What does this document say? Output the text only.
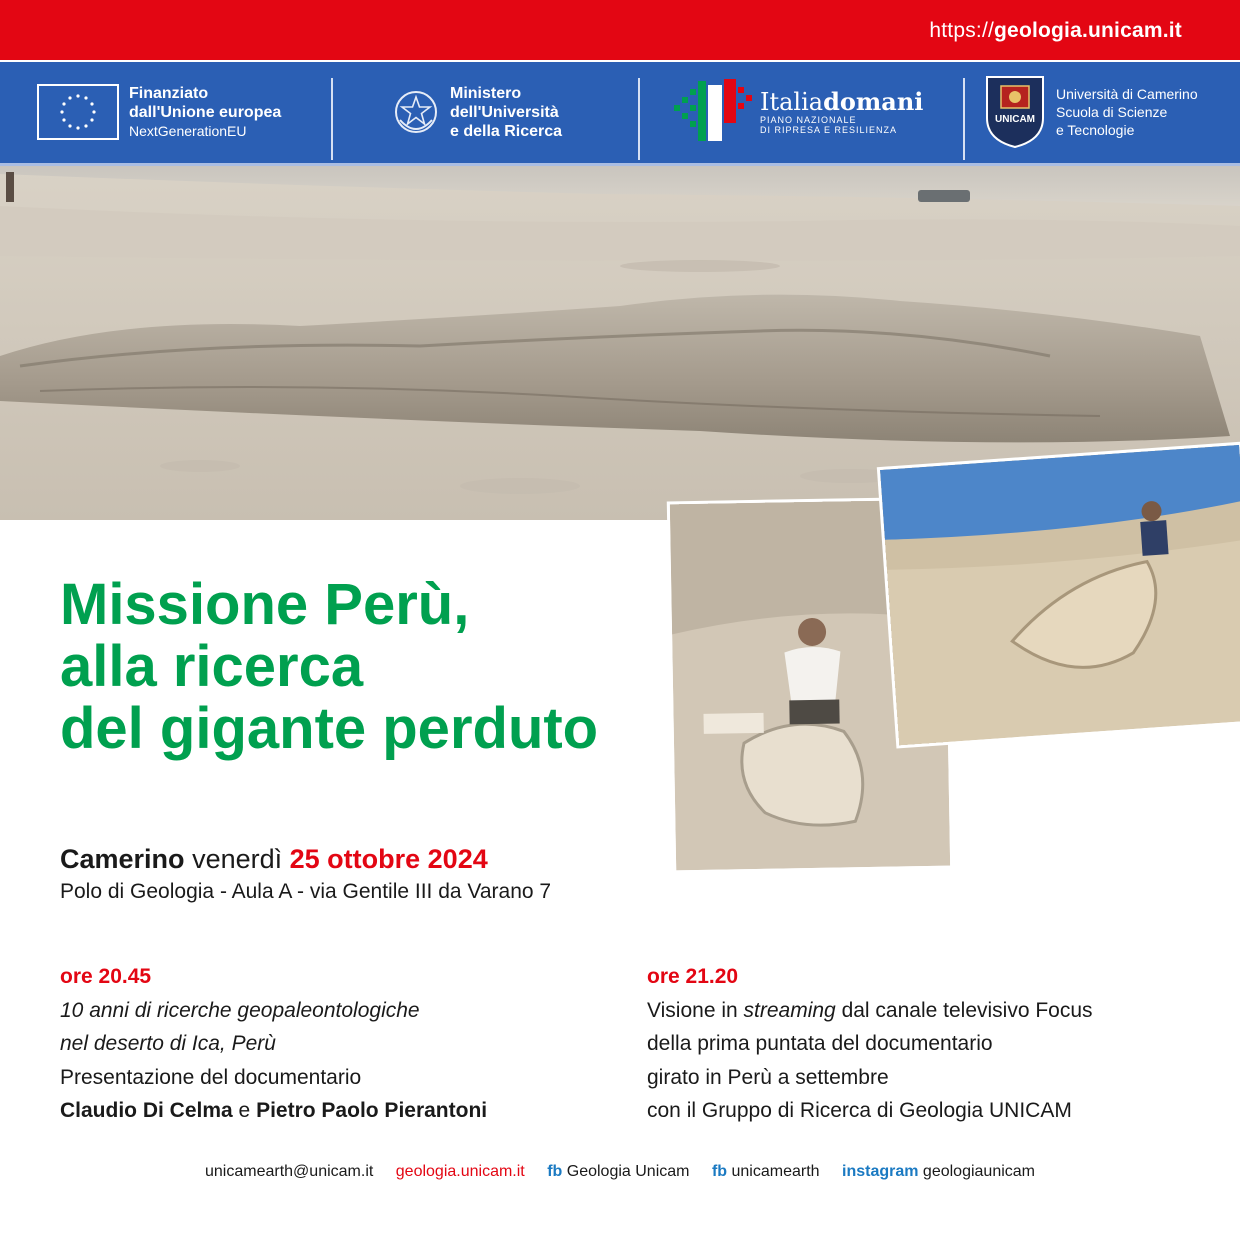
https://geologia.unicam.it
Finanziato
dall'Unione europea
NextGenerationEU
Ministero
dell'Università
e della Ricerca
Italiadomani
PIANO NAZIONALE
DI RIPRESA E RESILIENZA
UNICAM
Università di Camerino
Scuola di Scienze
e Tecnologie
Missione Perù,
alla ricerca
del gigante perduto
Camerino venerdì 25 ottobre 2024
Polo di Geologia - Aula A - via Gentile III da Varano 7
ore 20.45
10 anni di ricerche geopaleontologiche
nel deserto di Ica, Perù
Presentazione del documentario
Claudio Di Celma e Pietro Paolo Pierantoni
ore 21.20
Visione in streaming dal canale televisivo Focus
della prima puntata del documentario
girato in Perù a settembre
con il Gruppo di Ricerca di Geologia UNICAM
unicamearth@unicam.it geologia.unicam.it fb Geologia Unicam fb unicamearth instagram geologiaunicam
